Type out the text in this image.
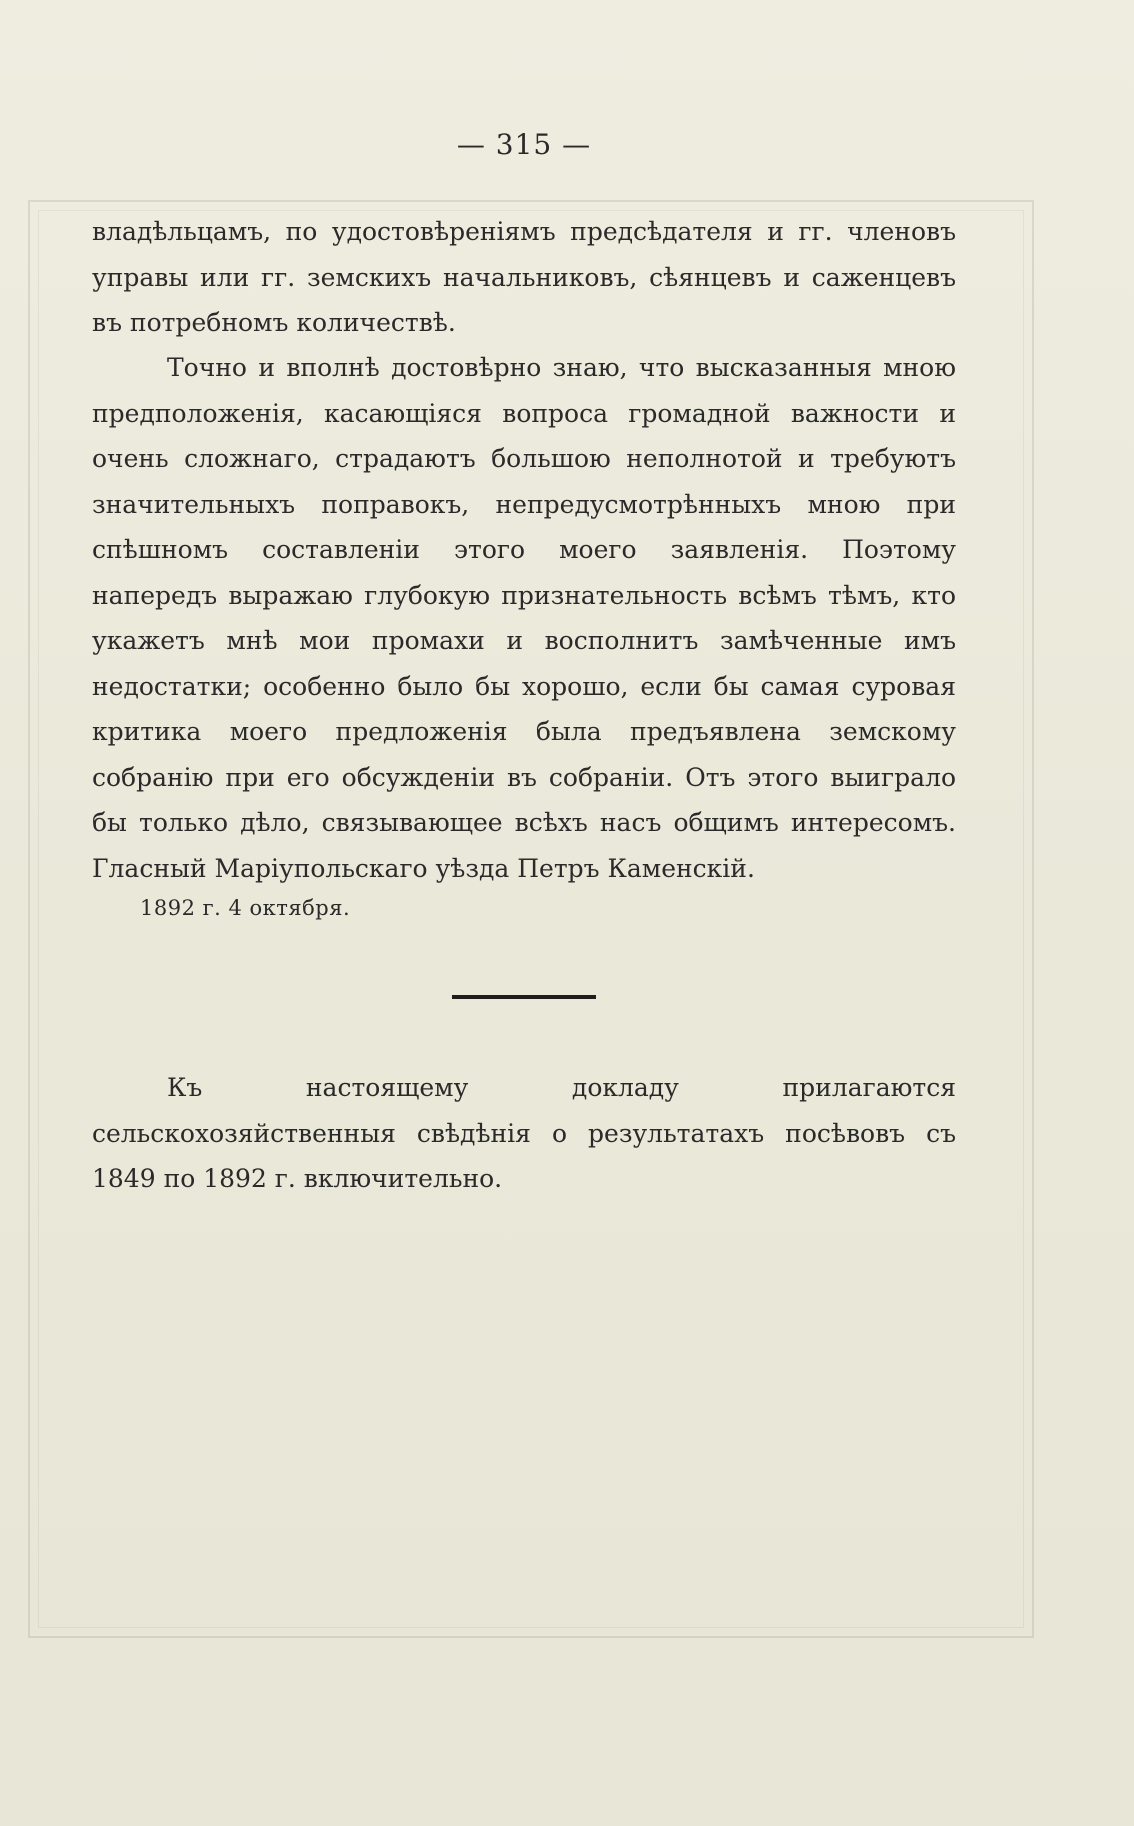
— 315 —

владѣльцамъ, по удостовѣреніямъ предсѣдателя и гг. членовъ управы или гг. земскихъ начальниковъ, сѣянцевъ и саженцевъ въ потребномъ количествѣ.

Точно и вполнѣ достовѣрно знаю, что высказанныя мною предположенія, касающіяся вопроса громадной важности и очень сложнаго, страдаютъ большою неполнотой и требуютъ значительныхъ поправокъ, непредусмотрѣнныхъ мною при спѣшномъ составленіи этого моего заявленія. Поэтому напередъ выражаю глубокую признательность всѣмъ тѣмъ, кто укажетъ мнѣ мои промахи и восполнитъ замѣченные имъ недостатки; особенно было бы хорошо, если бы самая суровая критика моего предложенія была предъявлена земскому собранію при его обсужденіи въ собраніи. Отъ этого выиграло бы только дѣло, связывающее всѣхъ насъ общимъ интересомъ. Гласный Маріупольскаго уѣзда Петръ Каменскій.

1892 г. 4 октября.

Къ настоящему докладу прилагаются сельскохозяйственныя свѣдѣнія о результатахъ посѣвовъ съ 1849 по 1892 г. включительно.
